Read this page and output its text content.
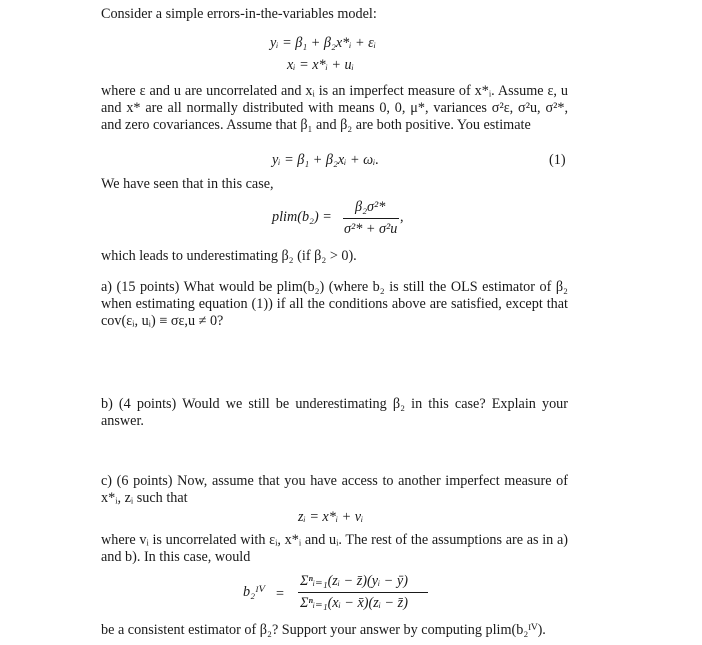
Consider a simple errors-in-the-variables model:
yᵢ = β₁ + β₂x*ᵢ + εᵢ
xᵢ = x*ᵢ + uᵢ
where ε and u are uncorrelated and xᵢ is an imperfect measure of x*ᵢ. Assume ε, u and x* are all normally distributed with means 0, 0, μ*, variances σ²ε, σ²u, σ²*, and zero covariances. Assume that β₁ and β₂ are both positive. You estimate
yᵢ = β₁ + β₂xᵢ + ωᵢ.	(1)
We have seen that in this case,
plim(b₂) =
β₂σ²*
σ²* + σ²u
,
which leads to underestimating β₂ (if β₂ > 0).
a) (15 points) What would be plim(b₂) (where b₂ is still the OLS estimator of β₂ when estimating equation (1)) if all the conditions above are satisfied, except that cov(εᵢ, uᵢ) ≡ σε,u ≠ 0?
b) (4 points) Would we still be underestimating β₂ in this case? Explain your answer.
c) (6 points) Now, assume that you have access to another imperfect measure of x*ᵢ, zᵢ such that
zᵢ = x*ᵢ + vᵢ
where vᵢ is uncorrelated with εᵢ, x*ᵢ and uᵢ. The rest of the assumptions are as in a) and b). In this case, would
b₂ᴵⱽ =
Σⁿᵢ₌₁(zᵢ − z̄)(yᵢ − ȳ)
Σⁿᵢ₌₁(xᵢ − x̄)(zᵢ − z̄)
be a consistent estimator of β₂? Support your answer by computing plim(b₂ᴵⱽ).
